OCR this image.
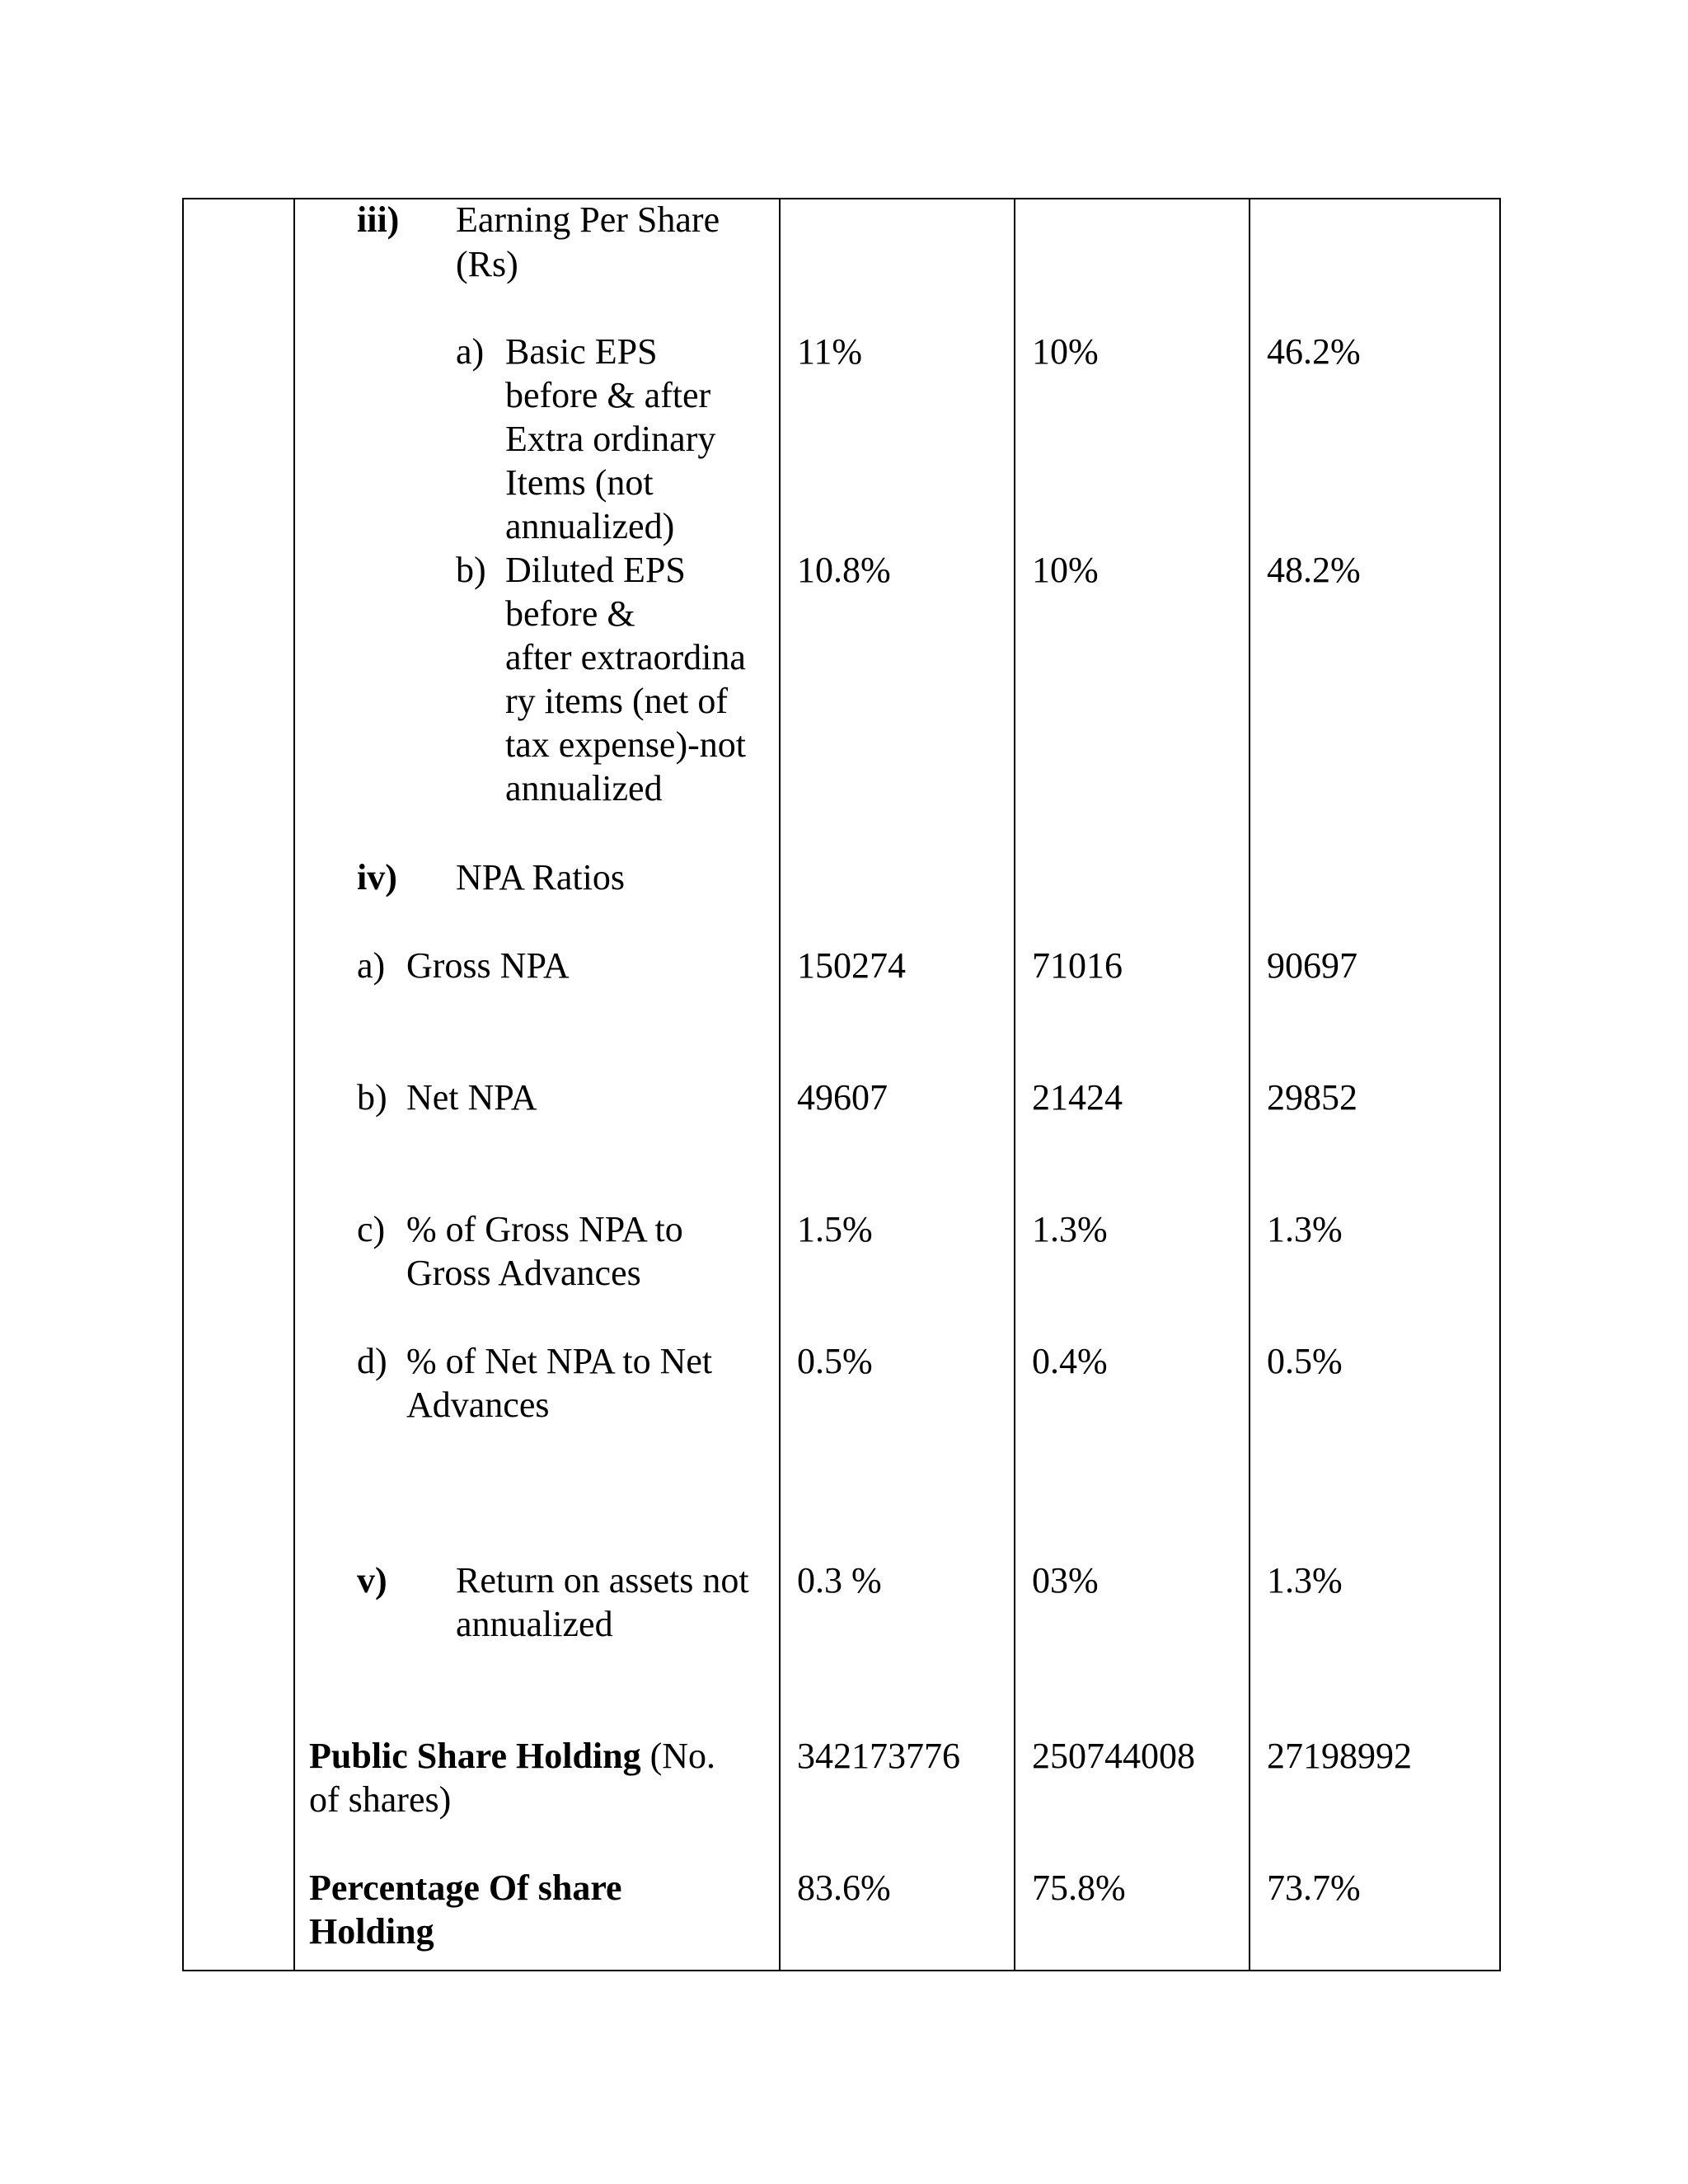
iii) Earning Per Share
(Rs)
a) Basic EPS
before & after
Extra ordinary
Items (not
annualized)
11%	10%	46.2%
b) Diluted EPS
before &
after extraordina
ry items (net of
tax expense)-not
annualized
10.8%	10%	48.2%
iv) NPA Ratios
a) Gross NPA	150274	71016	90697
b) Net NPA	49607	21424	29852
c) % of Gross NPA to
Gross Advances
1.5%	1.3%	1.3%
d) % of Net NPA to Net
Advances
0.5%	0.4%	0.5%
v) Return on assets not
annualized
0.3 %	03%	1.3%
Public Share Holding (No.
of shares)
342173776 250744008 27198992
Percentage Of share
Holding
83.6%	75.8%	73.7%
